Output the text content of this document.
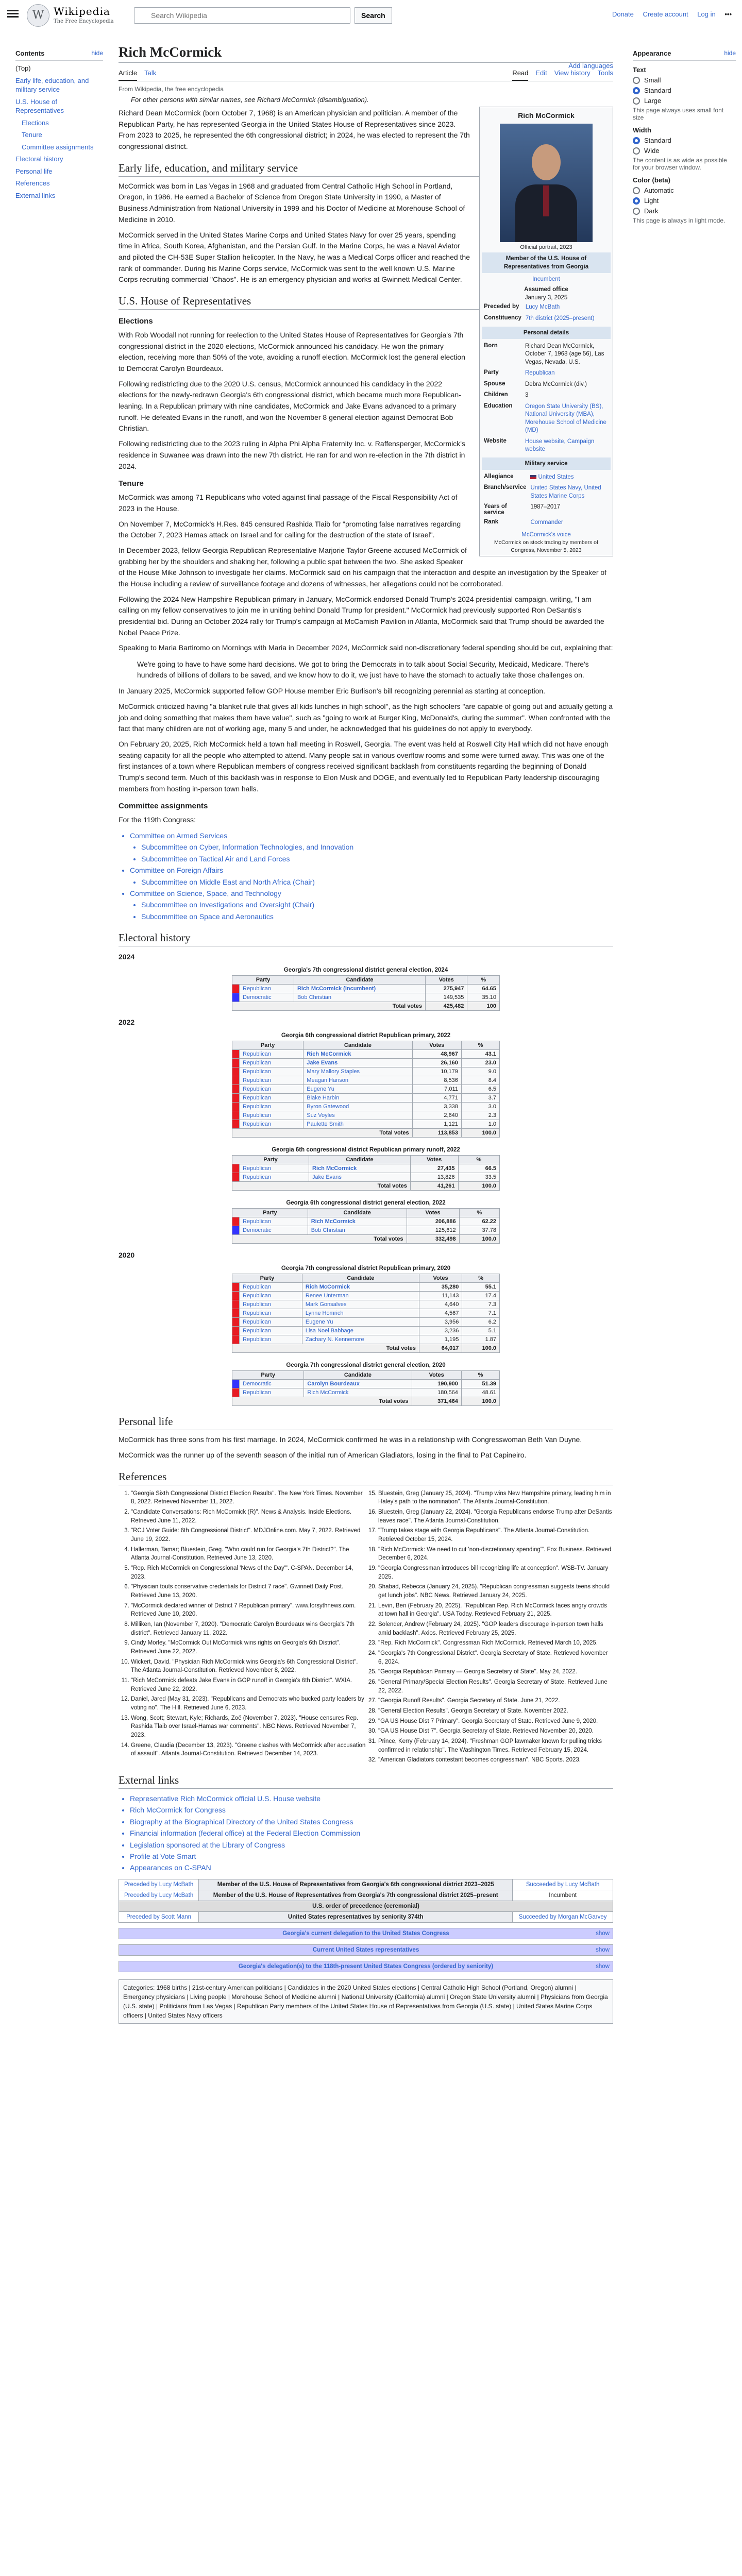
W Wikipedia
The Free Encyclopedia
Search Wikipedia
Search	Donate Create account Log in •••
Contents	hide
(Top)
Early life, education, and military service
U.S. House of Representatives
Elections
Tenure
Committee assignments
Electoral history
Personal life
References
External links
Appearance	hide
Text
Small
Standard
Large
This page always uses small font size
Width
Standard
Wide
The content is as wide as possible for your browser window.
Color (beta)
Automatic
Light
Dark
This page is always in light mode.
Rich McCormick
Add languages
Article Talk	Read Edit View history Tools
From Wikipedia, the free encyclopedia
For other persons with similar names, see Richard McCormick (disambiguation).
Rich McCormick
Official portrait, 2023
Member of the U.S. House of Representatives from Georgia
Incumbent
Assumed office
January 3, 2025
Preceded by	Lucy McBath
Constituency	7th district (2025–present)
Personal details
Born	Richard Dean McCormick, October 7, 1968 (age 56), Las Vegas, Nevada, U.S.
Party	Republican
Spouse	Debra McCormick (div.)
Children	3
Education	Oregon State University (BS), National University (MBA), Morehouse School of Medicine (MD)
Website	House website, Campaign website
Military service
Allegiance	United States
Branch/service	United States Navy, United States Marine Corps
Years of service	1987–2017
Rank	Commander
McCormick's voice
McCormick on stock trading by members of Congress, November 5, 2023
Richard Dean McCormick (born October 7, 1968) is an American physician and politician. A member of the Republican Party, he has represented Georgia in the United States House of Representatives since 2023. From 2023 to 2025, he represented the 6th congressional district; in 2024, he was elected to represent the 7th congressional district.
Early life, education, and military service
McCormick was born in Las Vegas in 1968 and graduated from Central Catholic High School in Portland, Oregon, in 1986. He earned a Bachelor of Science from Oregon State University in 1990, a Master of Business Administration from National University in 1999 and his Doctor of Medicine at Morehouse School of Medicine in 2010.
McCormick served in the United States Marine Corps and United States Navy for over 25 years, spending time in Africa, South Korea, Afghanistan, and the Persian Gulf. In the Marine Corps, he was a Naval Aviator and piloted the CH-53E Super Stallion helicopter. In the Navy, he was a Medical Corps officer and reached the rank of commander. During his Marine Corps service, McCormick was sent to the well known U.S. Marine Corps recruiting commercial "Chaos". He is an emergency physician and works at Gwinnett Medical Center.
U.S. House of Representatives
Elections
With Rob Woodall not running for reelection to the United States House of Representatives for Georgia's 7th congressional district in the 2020 elections, McCormick announced his candidacy. He won the primary election, receiving more than 50% of the vote, avoiding a runoff election. McCormick lost the general election to Democrat Carolyn Bourdeaux.
Following redistricting due to the 2020 U.S. census, McCormick announced his candidacy in the 2022 elections for the newly-redrawn Georgia's 6th congressional district, which became much more Republican-leaning. In a Republican primary with nine candidates, McCormick and Jake Evans advanced to a primary runoff. He defeated Evans in the runoff, and won the November 8 general election against Democrat Bob Christian.
Following redistricting due to the 2023 ruling in Alpha Phi Alpha Fraternity Inc. v. Raffensperger, McCormick's residence in Suwanee was drawn into the new 7th district. He ran for and won re-election in the 7th district in 2024.
Tenure
McCormick was among 71 Republicans who voted against final passage of the Fiscal Responsibility Act of 2023 in the House.
On November 7, McCormick's H.Res. 845 censured Rashida Tlaib for "promoting false narratives regarding the October 7, 2023 Hamas attack on Israel and for calling for the destruction of the state of Israel".
In December 2023, fellow Georgia Republican Representative Marjorie Taylor Greene accused McCormick of grabbing her by the shoulders and shaking her, following a public spat between the two. She asked Speaker of the House Mike Johnson to investigate her claims. McCormick said on his campaign that the interaction and despite an investigation by the Speaker of the House including a review of surveillance footage and dozens of witnesses, her allegations could not be corroborated.
Following the 2024 New Hampshire Republican primary in January, McCormick endorsed Donald Trump's 2024 presidential campaign, writing, "I am calling on my fellow conservatives to join me in uniting behind Donald Trump for president." McCormick had previously supported Ron DeSantis's presidential bid. During an October 2024 rally for Trump's campaign at McCamish Pavilion in Atlanta, McCormick said that Trump should be awarded the Nobel Peace Prize.
Speaking to Maria Bartiromo on Mornings with Maria in December 2024, McCormick said non-discretionary federal spending should be cut, explaining that:
We're going to have to have some hard decisions. We got to bring the Democrats in to talk about Social Security, Medicaid, Medicare. There's hundreds of billions of dollars to be saved, and we know how to do it, we just have to have the stomach to actually take those challenges on.
In January 2025, McCormick supported fellow GOP House member Eric Burlison's bill recognizing perennial as starting at conception.
McCormick criticized having "a blanket rule that gives all kids lunches in high school", as the high schoolers "are capable of going out and actually getting a job and doing something that makes them have value", such as "going to work at Burger King, McDonald's, during the summer". When confronted with the fact that many children are not of working age, many 5 and under, he acknowledged that his guidelines do not apply to everybody.
On February 20, 2025, Rich McCormick held a town hall meeting in Roswell, Georgia. The event was held at Roswell City Hall which did not have enough seating capacity for all the people who attempted to attend. Many people sat in various overflow rooms and some were turned away. This was one of the first instances of a town where Republican members of congress received significant backlash from constituents regarding the beginning of Donald Trump's second term. Much of this backlash was in response to Elon Musk and DOGE, and eventually led to Republican Party leadership discouraging members from hosting in-person town halls.
Committee assignments
For the 119th Congress:
• Committee on Armed Services
• Subcommittee on Cyber, Information Technologies, and Innovation
• Subcommittee on Tactical Air and Land Forces
• Committee on Foreign Affairs
• Subcommittee on Middle East and North Africa (Chair)
• Committee on Science, Space, and Technology
• Subcommittee on Investigations and Oversight (Chair)
• Subcommittee on Space and Aeronautics
Electoral history
2024
Georgia's 7th congressional district general election, 2024
Party		Candidate	Votes	%
	Republican	Rich McCormick (incumbent)	275,947	64.65
	Democratic	Bob Christian	149,535	35.10
Total votes			425,482	100
2022
Georgia 6th congressional district Republican primary, 2022
Party		Candidate	Votes	%
	Republican	Rich McCormick	48,967	43.1
	Republican	Jake Evans	26,160	23.0
	Republican	Mary Mallory Staples	10,179	9.0
	Republican	Meagan Hanson	8,536	8.4
	Republican	Eugene Yu	7,011	6.5
	Republican	Blake Harbin	4,771	3.7
	Republican	Byron Gatewood	3,338	3.0
	Republican	Suz Voyles	2,640	2.3
	Republican	Paulette Smith	1,121	1.0
Total votes			113,853	100.0
Georgia 6th congressional district Republican primary runoff, 2022
Party		Candidate	Votes	%
	Republican	Rich McCormick	27,435	66.5
	Republican	Jake Evans	13,826	33.5
Total votes			41,261	100.0
Georgia 6th congressional district general election, 2022
Party		Candidate	Votes	%
	Republican	Rich McCormick	206,886	62.22
	Democratic	Bob Christian	125,612	37.78
Total votes			332,498	100.0
2020
Georgia 7th congressional district Republican primary, 2020
Party		Candidate	Votes	%
	Republican	Rich McCormick	35,280	55.1
	Republican	Renee Unterman	11,143	17.4
	Republican	Mark Gonsalves	4,640	7.3
	Republican	Lynne Homrich	4,567	7.1
	Republican	Eugene Yu	3,956	6.2
	Republican	Lisa Noel Babbage	3,236	5.1
	Republican	Zachary N. Kennemore	1,195	1.87
Total votes			64,017	100.0
Georgia 7th congressional district general election, 2020
Party		Candidate	Votes	%
	Democratic	Carolyn Bourdeaux	190,900	51.39
	Republican	Rich McCormick	180,564	48.61
Total votes			371,464	100.0
Personal life
McCormick has three sons from his first marriage. In 2024, McCormick confirmed he was in a relationship with Congresswoman Beth Van Duyne.
McCormick was the runner up of the seventh season of the initial run of American Gladiators, losing in the final to Pat Capineiro.
References
1. "Georgia Sixth Congressional District Election Results". The New York Times. November 8, 2022. Retrieved November 11, 2022.
2. "Candidate Conversations: Rich McCormick (R)". News & Analysis. Inside Elections. Retrieved June 11, 2022.
3. "RCJ Voter Guide: 6th Congressional District". MDJOnline.com. May 7, 2022. Retrieved June 19, 2022.
4. Hallerman, Tamar; Bluestein, Greg. "Who could run for Georgia's 7th District?". The Atlanta Journal-Constitution. Retrieved June 13, 2020.
5. "Rep. Rich McCormick on Congressional 'News of the Day'". C-SPAN. December 14, 2023.
6. "Physician touts conservative credentials for District 7 race". Gwinnett Daily Post. Retrieved June 13, 2020.
7. "McCormick declared winner of District 7 Republican primary". www.forsythnews.com. Retrieved June 10, 2020.
8. Milliken, Ian (November 7, 2020). "Democratic Carolyn Bourdeaux wins Georgia's 7th district". Retrieved January 11, 2022.
9. Cindy Morley. "McCormick Out McCormick wins rights on Georgia's 6th District". Retrieved June 22, 2022.
10. Wickert, David. "Physician Rich McCormick wins Georgia's 6th Congressional District". The Atlanta Journal-Constitution. Retrieved November 8, 2022.
11. "Rich McCormick defeats Jake Evans in GOP runoff in Georgia's 6th District". WXIA. Retrieved June 22, 2022.
12. Daniel, Jared (May 31, 2023). "Republicans and Democrats who bucked party leaders by voting no". The Hill. Retrieved June 6, 2023.
13. Wong, Scott; Stewart, Kyle; Richards, Zoë (November 7, 2023). "House censures Rep. Rashida Tlaib over Israel-Hamas war comments". NBC News. Retrieved November 7, 2023.
14. Greene, Claudia (December 13, 2023). "Greene clashes with McCormick after accusation of assault". Atlanta Journal-Constitution. Retrieved December 14, 2023.
15. Bluestein, Greg (January 25, 2024). "Trump wins New Hampshire primary, leading him in Haley's path to the nomination". The Atlanta Journal-Constitution.
16. Bluestein, Greg (January 22, 2024). "Georgia Republicans endorse Trump after DeSantis leaves race". The Atlanta Journal-Constitution.
17. "Trump takes stage with Georgia Republicans". The Atlanta Journal-Constitution. Retrieved October 15, 2024.
18. "Rich McCormick: We need to cut 'non-discretionary spending'". Fox Business. Retrieved December 6, 2024.
19. "Georgia Congressman introduces bill recognizing life at conception". WSB-TV. January 2025.
20. Shabad, Rebecca (January 24, 2025). "Republican congressman suggests teens should get lunch jobs". NBC News. Retrieved January 24, 2025.
21. Levin, Ben (February 20, 2025). "Republican Rep. Rich McCormick faces angry crowds at town hall in Georgia". USA Today. Retrieved February 21, 2025.
22. Solender, Andrew (February 24, 2025). "GOP leaders discourage in-person town halls amid backlash". Axios. Retrieved February 25, 2025.
23. "Rep. Rich McCormick". Congressman Rich McCormick. Retrieved March 10, 2025.
24. "Georgia's 7th Congressional District". Georgia Secretary of State. Retrieved November 6, 2024.
25. "Georgia Republican Primary — Georgia Secretary of State". May 24, 2022.
26. "General Primary/Special Election Results". Georgia Secretary of State. Retrieved June 22, 2022.
27. "Georgia Runoff Results". Georgia Secretary of State. June 21, 2022.
28. "General Election Results". Georgia Secretary of State. November 2022.
29. "GA US House Dist 7 Primary". Georgia Secretary of State. Retrieved June 9, 2020.
30. "GA US House Dist 7". Georgia Secretary of State. Retrieved November 20, 2020.
31. Prince, Kerry (February 14, 2024). "Freshman GOP lawmaker known for pulling tricks confirmed in relationship". The Washington Times. Retrieved February 15, 2024.
32. "American Gladiators contestant becomes congressman". NBC Sports. 2023.
External links
• Representative Rich McCormick official U.S. House website
• Rich McCormick for Congress
• Biography at the Biographical Directory of the United States Congress
• Financial information (federal office) at the Federal Election Commission
• Legislation sponsored at the Library of Congress
• Profile at Vote Smart
• Appearances on C-SPAN
Preceded by Lucy McBath	Member of the U.S. House of Representatives from Georgia's 6th congressional district 2023–2025	Succeeded by Lucy McBath
Preceded by Lucy McBath	Member of the U.S. House of Representatives from Georgia's 7th congressional district 2025–present	Incumbent
U.S. order of precedence (ceremonial)		
Preceded by Scott Mann	United States representatives by seniority 374th	Succeeded by Morgan McGarvey
Georgia's current delegation to the United States Congress	show
Current United States representatives	show
Georgia's delegation(s) to the 118th-present United States Congress (ordered by seniority)	show
Categories: 1968 births | 21st-century American politicians | Candidates in the 2020 United States elections | Central Catholic High School (Portland, Oregon) alumni | Emergency physicians | Living people | Morehouse School of Medicine alumni | National University (California) alumni | Oregon State University alumni | Physicians from Georgia (U.S. state) | Politicians from Las Vegas | Republican Party members of the United States House of Representatives from Georgia (U.S. state) | United States Marine Corps officers | United States Navy officers
